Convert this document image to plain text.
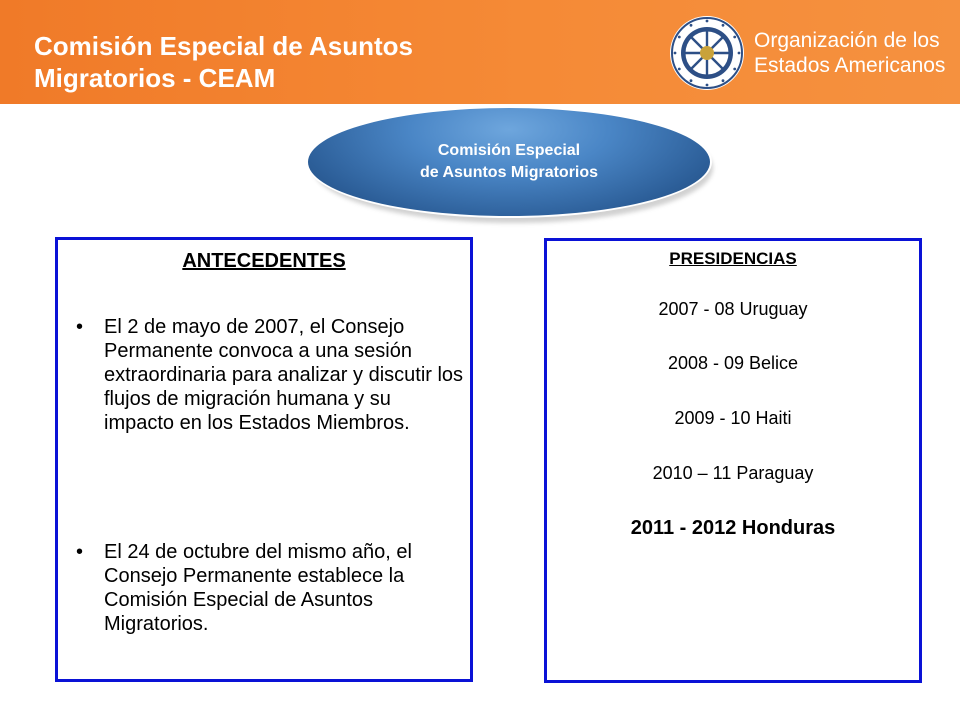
Comisión Especial de Asuntos
Migratorios - CEAM
Organización de los
Estados Americanos
Comisión Especial
de Asuntos Migratorios
ANTECEDENTES
• El 2 de mayo de 2007, el Consejo Permanente convoca a una sesión extraordinaria para analizar y discutir los flujos de migración humana y su impacto en los Estados Miembros.
• El 24 de octubre del mismo año, el Consejo Permanente establece la Comisión Especial de Asuntos Migratorios.
PRESIDENCIAS
2007 - 08 Uruguay
2008 - 09 Belice
2009 - 10 Haiti
2010 – 11 Paraguay
2011 - 2012 Honduras
